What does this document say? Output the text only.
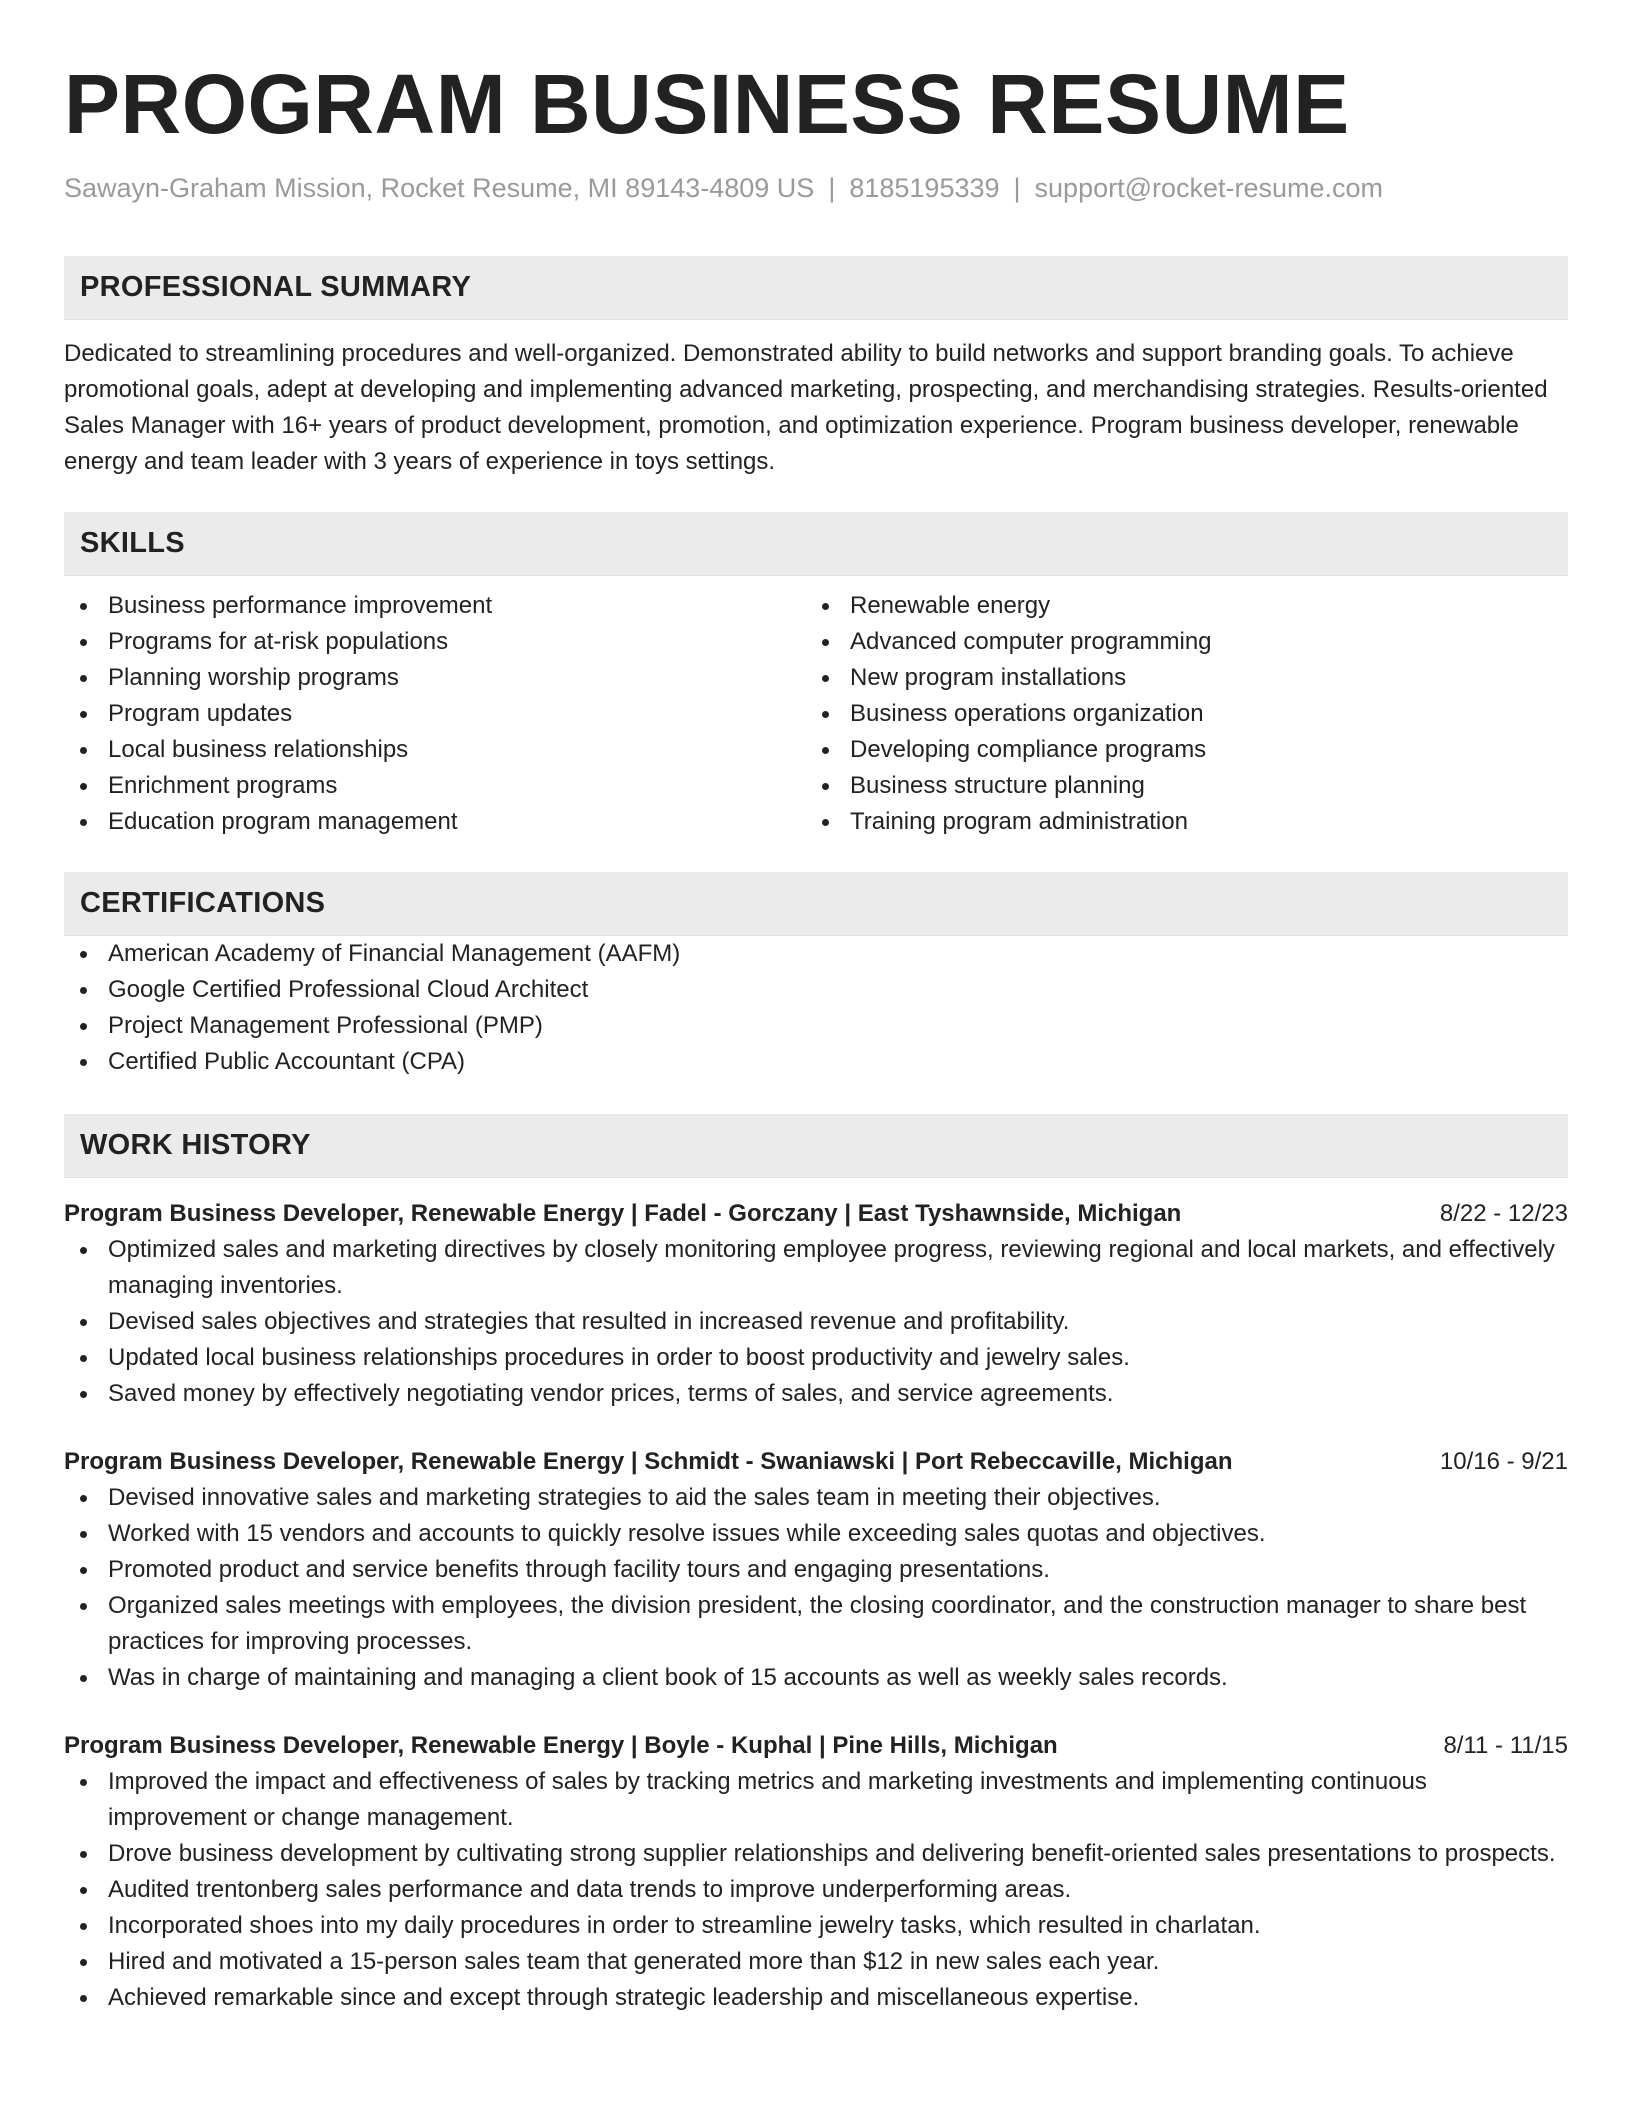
PROGRAM BUSINESS RESUME
Sawayn-Graham Mission, Rocket Resume, MI 89143-4809 US | 8185195339 | support@rocket-resume.com
PROFESSIONAL SUMMARY
Dedicated to streamlining procedures and well-organized. Demonstrated ability to build networks and support branding goals. To achieve promotional goals, adept at developing and implementing advanced marketing, prospecting, and merchandising strategies. Results-oriented Sales Manager with 16+ years of product development, promotion, and optimization experience. Program business developer, renewable energy and team leader with 3 years of experience in toys settings.
SKILLS
Business performance improvement
Programs for at-risk populations
Planning worship programs
Program updates
Local business relationships
Enrichment programs
Education program management
Renewable energy
Advanced computer programming
New program installations
Business operations organization
Developing compliance programs
Business structure planning
Training program administration
CERTIFICATIONS
American Academy of Financial Management (AAFM)
Google Certified Professional Cloud Architect
Project Management Professional (PMP)
Certified Public Accountant (CPA)
WORK HISTORY
Program Business Developer, Renewable Energy | Fadel - Gorczany | East Tyshawnside, Michigan	8/22 - 12/23
Optimized sales and marketing directives by closely monitoring employee progress, reviewing regional and local markets, and effectively managing inventories.
Devised sales objectives and strategies that resulted in increased revenue and profitability.
Updated local business relationships procedures in order to boost productivity and jewelry sales.
Saved money by effectively negotiating vendor prices, terms of sales, and service agreements.
Program Business Developer, Renewable Energy | Schmidt - Swaniawski | Port Rebeccaville, Michigan	10/16 - 9/21
Devised innovative sales and marketing strategies to aid the sales team in meeting their objectives.
Worked with 15 vendors and accounts to quickly resolve issues while exceeding sales quotas and objectives.
Promoted product and service benefits through facility tours and engaging presentations.
Organized sales meetings with employees, the division president, the closing coordinator, and the construction manager to share best practices for improving processes.
Was in charge of maintaining and managing a client book of 15 accounts as well as weekly sales records.
Program Business Developer, Renewable Energy | Boyle - Kuphal | Pine Hills, Michigan	8/11 - 11/15
Improved the impact and effectiveness of sales by tracking metrics and marketing investments and implementing continuous improvement or change management.
Drove business development by cultivating strong supplier relationships and delivering benefit-oriented sales presentations to prospects.
Audited trentonberg sales performance and data trends to improve underperforming areas.
Incorporated shoes into my daily procedures in order to streamline jewelry tasks, which resulted in charlatan.
Hired and motivated a 15-person sales team that generated more than $12 in new sales each year.
Achieved remarkable since and except through strategic leadership and miscellaneous expertise.
